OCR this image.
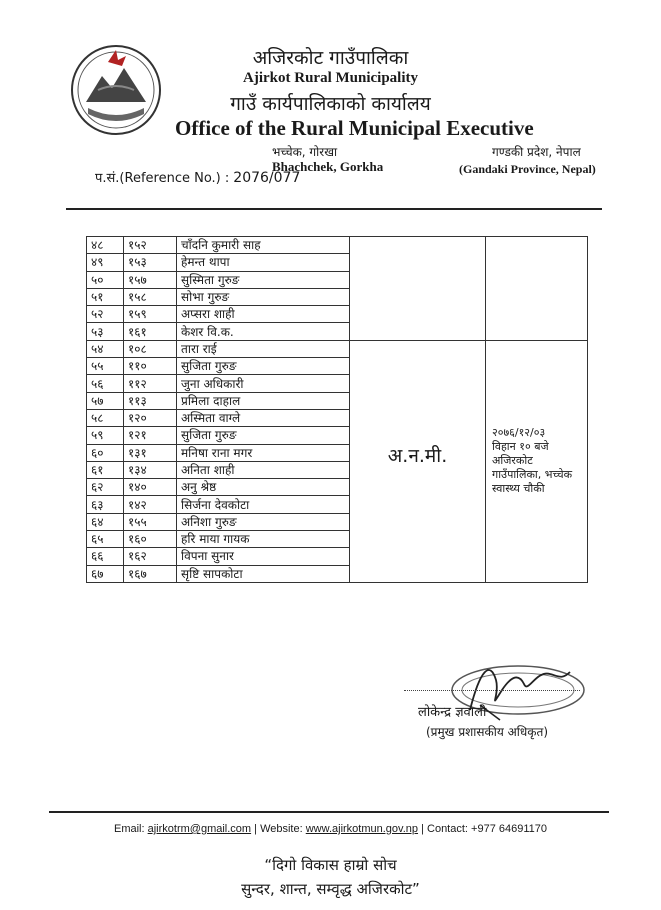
अजिरकोट गाउँपालिका
Ajirkot Rural Municipality
गाउँ कार्यपालिकाको कार्यालय
Office of the Rural Municipal Executive
भच्चेक, गोरखा
Bhachchek, Gorkha
गण्डकी प्रदेश, नेपाल
(Gandaki Province, Nepal)
प.सं.(Reference No.) : 2076/077
४८	१५२	चाँदनि कुमारी साह		
४९	१५३	हेमन्त थापा		
५०	१५७	सुस्मिता गुरुङ		
५१	१५८	सोभा गुरुङ		
५२	१५९	अप्सरा शाही		
५३	१६१	केशर वि.क.		
५४	१०८	तारा राई	अ.न.मी.	२०७६/१२/०३
विहान १० बजे
अजिरकोट
गाउँपालिका, भच्चेक
स्वास्थ्य चौकी

५५	११०	सुजिता गुरुङ		
५६	११२	जुना अधिकारी		
५७	११३	प्रमिला दाहाल		
५८	१२०	अस्मिता वाग्ले		
५९	१२१	सुजिता गुरुङ		
६०	१३१	मनिषा राना मगर		
६१	१३४	अनिता शाही		
६२	१४०	अनु श्रेष्ठ		
६३	१४२	सिर्जना देवकोटा		
६४	१५५	अनिशा गुरुङ		
६५	१६०	हरि माया गायक		
६६	१६२	विपना सुनार		
६७	१६७	सृष्टि सापकोटा		
लोकेन्द्र ज्ञवाली
(प्रमुख प्रशासकीय अधिकृत)
Email: ajirkotrm@gmail.com | Website: www.ajirkotmun.gov.np | Contact: +977 64691170
“दिगो विकास हाम्रो सोच
सुन्दर, शान्त, सम्वृद्ध अजिरकोट”
